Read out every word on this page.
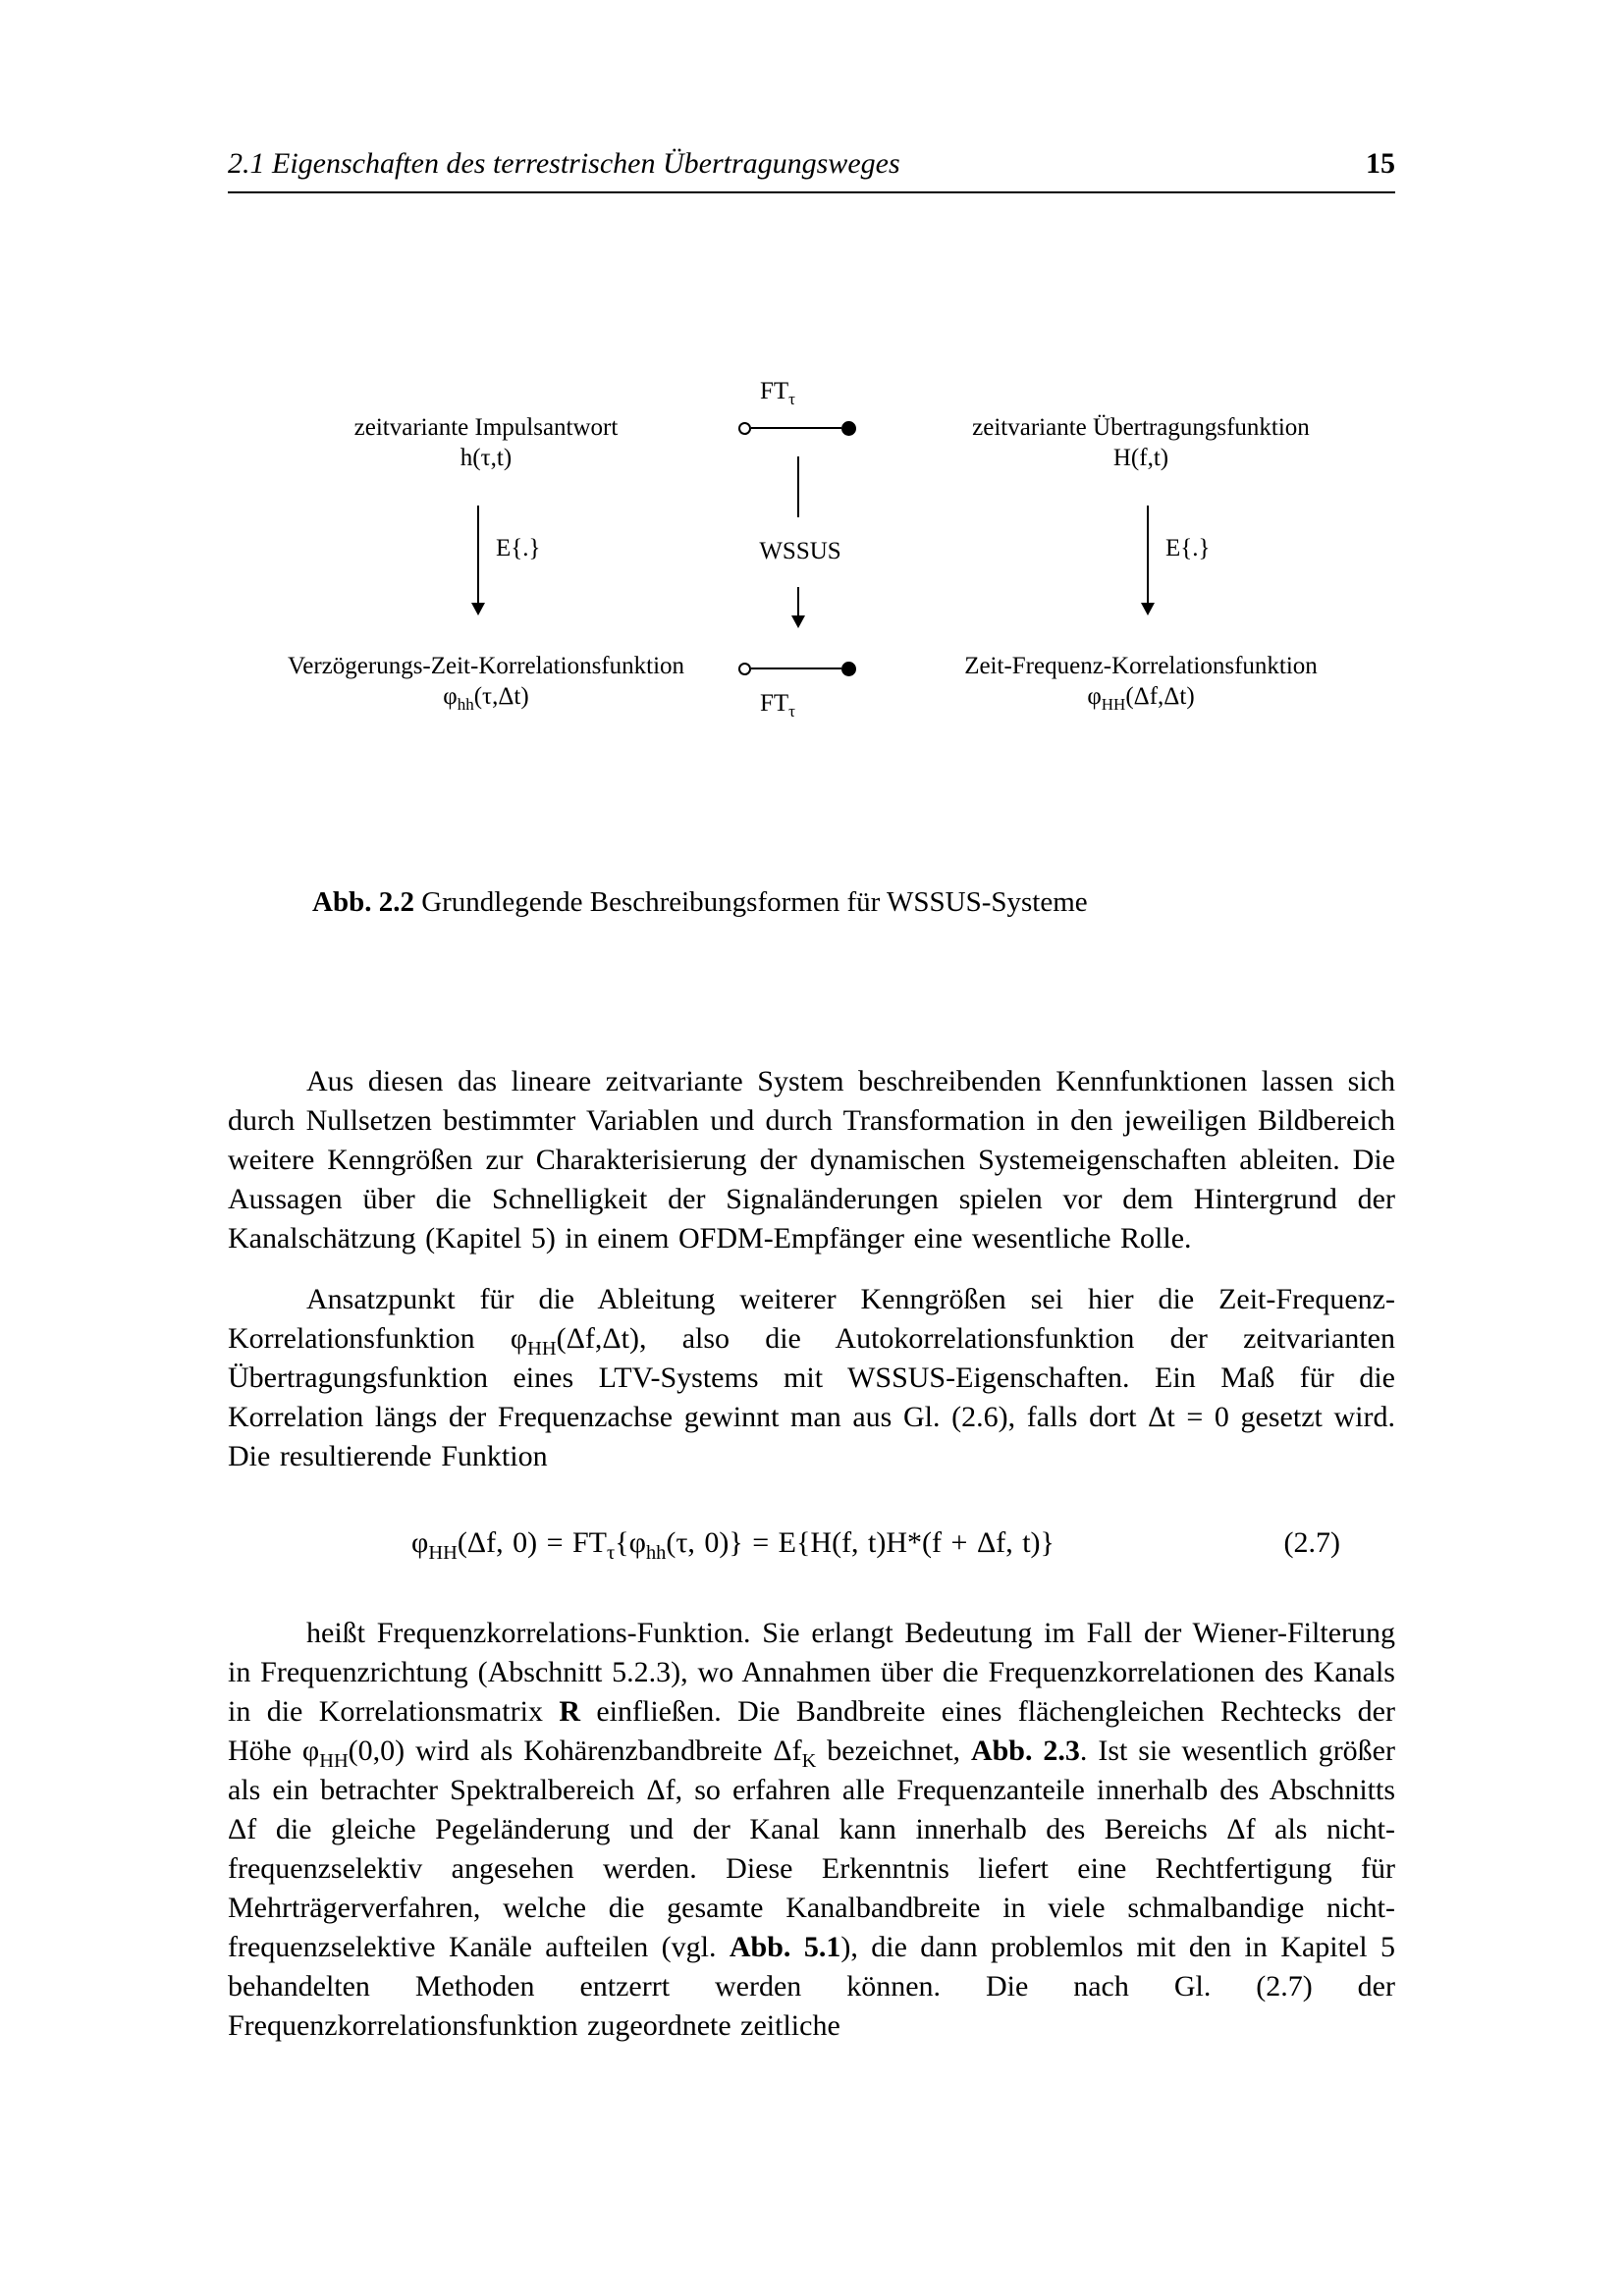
2.1 Eigenschaften des terrestrischen Übertragungsweges	15
zeitvariante Impulsantwort
h(τ,t)
$FT_\tau$
zeitvariante Übertragungsfunktion
H(f,t)
E{.}	WSSUS	E{.}
Verzögerungs-Zeit-Korrelationsfunktion
$\varphi_{hh}(\tau,\Delta t)$	$FT_\tau$
Zeit-Frequenz-Korrelationsfunktion
$\varphi_{HH}(\Delta f,\Delta t)$
Abb. 2.2 Grundlegende Beschreibungsformen für WSSUS-Systeme

Aus diesen das lineare zeitvariante System beschreibenden Kennfunktionen lassen sich durch Nullsetzen bestimmter Variablen und durch Transformation in den jeweiligen Bildbereich weitere Kenngrößen zur Charakterisierung der dynamischen Systemeigenschaften ableiten. Die Aussagen über die Schnelligkeit der Signaländerungen spielen vor dem Hintergrund der Kanalschätzung (Kapitel 5) in einem OFDM-Empfänger eine wesentliche Rolle.

Ansatzpunkt für die Ableitung weiterer Kenngrößen sei hier die Zeit-Frequenz-Korrelationsfunktion $\varphi_{HH}(\Delta f,\Delta t)$, also die Autokorrelationsfunktion der zeitvarianten Übertragungsfunktion eines LTV-Systems mit WSSUS-Eigenschaften. Ein Maß für die Korrelation längs der Frequenzachse gewinnt man aus Gl. (2.6), falls dort Δt = 0 gesetzt wird. Die resultierende Funktion

$\varphi_{HH}(\Delta f$, $0) = FT_\tau\{\varphi_{hh}(\tau$, 0)} = E{H(f, t)H*(f + Δf, t)}	(2.7)

heißt Frequenzkorrelations-Funktion. Sie erlangt Bedeutung im Fall der Wiener-Filterung in Frequenzrichtung (Abschnitt 5.2.3), wo Annahmen über die Frequenzkorrelationen des Kanals in die Korrelationsmatrix R einfließen. Die Bandbreite eines flächengleichen Rechtecks der Höhe $\varphi_{HH}(0,0)$ wird als Kohärenzbandbreite $\Delta f_K$ bezeichnet, Abb. 2.3. Ist sie wesentlich größer als ein betrachter Spektralbereich Δf, so erfahren alle Frequenzanteile innerhalb des Abschnitts Δf die gleiche Pegeländerung und der Kanal kann innerhalb des Bereichs Δf als nicht-frequenzselektiv angesehen werden. Diese Erkenntnis liefert eine Rechtfertigung für Mehrträgerverfahren, welche die gesamte Kanalbandbreite in viele schmalbandige nicht-frequenzselektive Kanäle aufteilen (vgl. Abb. 5.1), die dann problemlos mit den in Kapitel 5 behandelten Methoden entzerrt werden können. Die nach Gl. (2.7) der Frequenzkorrelationsfunktion zugeordnete zeitliche
